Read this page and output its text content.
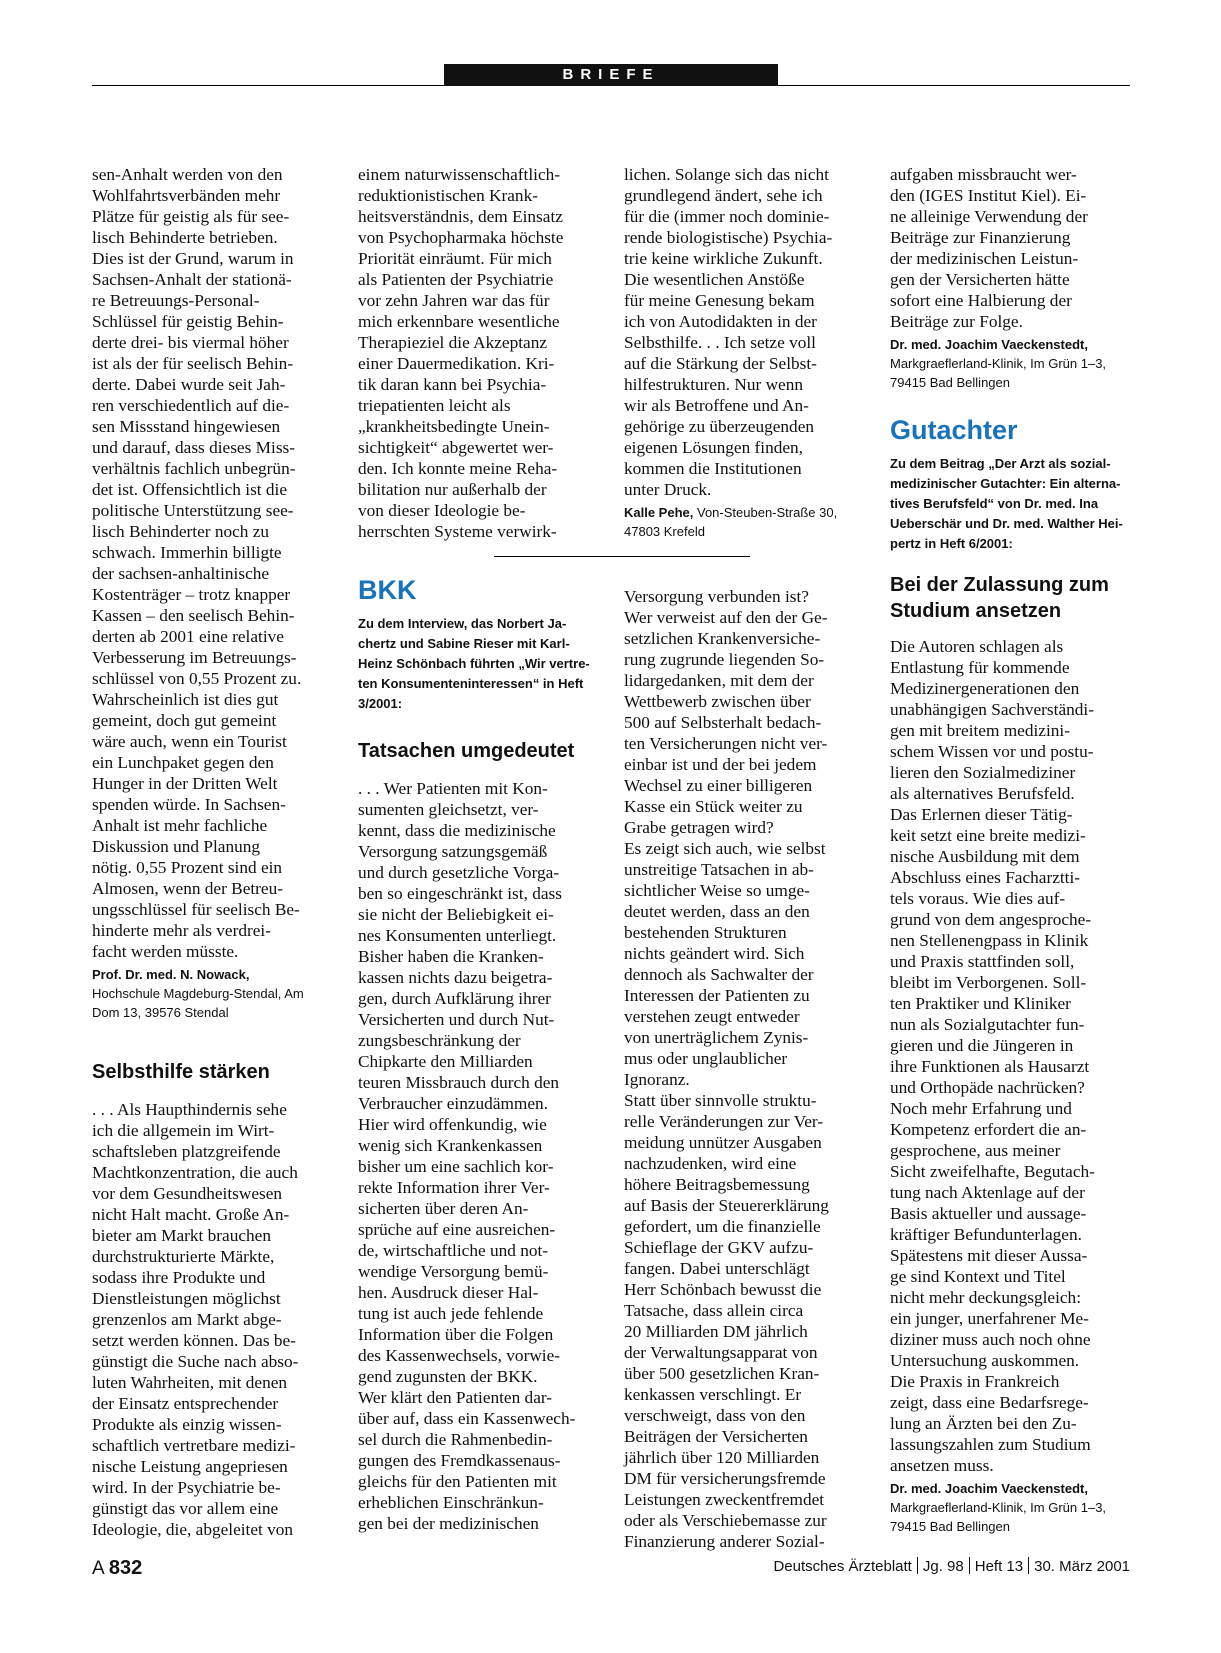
BRIEFE

sen-Anhalt werden von den
Wohlfahrtsverbänden mehr
Plätze für geistig als für see-
lisch Behinderte betrieben.
Dies ist der Grund, warum in
Sachsen-Anhalt der stationä-
re Betreuungs-Personal-
Schlüssel für geistig Behin-
derte drei- bis viermal höher
ist als der für seelisch Behin-
derte. Dabei wurde seit Jah-
ren verschiedentlich auf die-
sen Missstand hingewiesen
und darauf, dass dieses Miss-
verhältnis fachlich unbegrün-
det ist. Offensichtlich ist die
politische Unterstützung see-
lisch Behinderter noch zu
schwach. Immerhin billigte
der sachsen-anhaltinische
Kostenträger – trotz knapper
Kassen – den seelisch Behin-
derten ab 2001 eine relative
Verbesserung im Betreuungs-
schlüssel von 0,55 Prozent zu.
Wahrscheinlich ist dies gut
gemeint, doch gut gemeint
wäre auch, wenn ein Tourist
ein Lunchpaket gegen den
Hunger in der Dritten Welt
spenden würde. In Sachsen-
Anhalt ist mehr fachliche
Diskussion und Planung
nötig. 0,55 Prozent sind ein
Almosen, wenn der Betreu-
ungsschlüssel für seelisch Be-
hinderte mehr als verdrei-
facht werden müsste.

Prof. Dr. med. N. Nowack,

Hochschule Magdeburg-Stendal, Am
Dom 13, 39576 Stendal

Selbsthilfe stärken

. . . Als Haupthindernis sehe
ich die allgemein im Wirt-
schaftsleben platzgreifende
Machtkonzentration, die auch
vor dem Gesundheitswesen
nicht Halt macht. Große An-
bieter am Markt brauchen
durchstrukturierte Märkte,
sodass ihre Produkte und
Dienstleistungen möglichst
grenzenlos am Markt abge-
setzt werden können. Das be-
günstigt die Suche nach abso-
luten Wahrheiten, mit denen
der Einsatz entsprechender
Produkte als einzig wissen-
schaftlich vertretbare medizi-
nische Leistung angepriesen
wird. In der Psychiatrie be-
günstigt das vor allem eine
Ideologie, die, abgeleitet von

einem naturwissenschaftlich-
reduktionistischen Krank-
heitsverständnis, dem Einsatz
von Psychopharmaka höchste
Priorität einräumt. Für mich
als Patienten der Psychiatrie
vor zehn Jahren war das für
mich erkennbare wesentliche
Therapieziel die Akzeptanz
einer Dauermedikation. Kri-
tik daran kann bei Psychia-
triepatienten leicht als
„krankheitsbedingte Unein-
sichtigkeit“ abgewertet wer-
den. Ich konnte meine Reha-
bilitation nur außerhalb der
von dieser Ideologie be-
herrschten Systeme verwirk-

BKK

Zu dem Interview, das Norbert Ja-
chertz und Sabine Rieser mit Karl-
Heinz Schönbach führten „Wir vertre-
ten Konsumenteninteressen“ in Heft
3/2001:

Tatsachen umgedeutet

. . . Wer Patienten mit Kon-
sumenten gleichsetzt, ver-
kennt, dass die medizinische
Versorgung satzungsgemäß
und durch gesetzliche Vorga-
ben so eingeschränkt ist, dass
sie nicht der Beliebigkeit ei-
nes Konsumenten unterliegt.
Bisher haben die Kranken-
kassen nichts dazu beigetra-
gen, durch Aufklärung ihrer
Versicherten und durch Nut-
zungsbeschränkung der
Chipkarte den Milliarden
teuren Missbrauch durch den
Verbraucher einzudämmen.
Hier wird offenkundig, wie
wenig sich Krankenkassen
bisher um eine sachlich kor-
rekte Information ihrer Ver-
sicherten über deren An-
sprüche auf eine ausreichen-
de, wirtschaftliche und not-
wendige Versorgung bemü-
hen. Ausdruck dieser Hal-
tung ist auch jede fehlende
Information über die Folgen
des Kassenwechsels, vorwie-
gend zugunsten der BKK.
Wer klärt den Patienten dar-
über auf, dass ein Kassenwech-
sel durch die Rahmenbedin-
gungen des Fremdkassenaus-
gleichs für den Patienten mit
erheblichen Einschränkun-
gen bei der medizinischen

lichen. Solange sich das nicht
grundlegend ändert, sehe ich
für die (immer noch dominie-
rende biologistische) Psychia-
trie keine wirkliche Zukunft.
Die wesentlichen Anstöße
für meine Genesung bekam
ich von Autodidakten in der
Selbsthilfe. . . Ich setze voll
auf die Stärkung der Selbst-
hilfestrukturen. Nur wenn
wir als Betroffene und An-
gehörige zu überzeugenden
eigenen Lösungen finden,
kommen die Institutionen
unter Druck.

Kalle Pehe, Von-Steuben-Straße 30,
47803 Krefeld

Versorgung verbunden ist?
Wer verweist auf den der Ge-
setzlichen Krankenversiche-
rung zugrunde liegenden So-
lidargedanken, mit dem der
Wettbewerb zwischen über
500 auf Selbsterhalt bedach-
ten Versicherungen nicht ver-
einbar ist und der bei jedem
Wechsel zu einer billigeren
Kasse ein Stück weiter zu
Grabe getragen wird?
Es zeigt sich auch, wie selbst
unstreitige Tatsachen in ab-
sichtlicher Weise so umge-
deutet werden, dass an den
bestehenden Strukturen
nichts geändert wird. Sich
dennoch als Sachwalter der
Interessen der Patienten zu
verstehen zeugt entweder
von unerträglichem Zynis-
mus oder unglaublicher
Ignoranz.
Statt über sinnvolle struktu-
relle Veränderungen zur Ver-
meidung unnützer Ausgaben
nachzudenken, wird eine
höhere Beitragsbemessung
auf Basis der Steuererklärung
gefordert, um die finanzielle
Schieflage der GKV aufzu-
fangen. Dabei unterschlägt
Herr Schönbach bewusst die
Tatsache, dass allein circa
20 Milliarden DM jährlich
der Verwaltungsapparat von
über 500 gesetzlichen Kran-
kenkassen verschlingt. Er
verschweigt, dass von den
Beiträgen der Versicherten
jährlich über 120 Milliarden
DM für versicherungsfremde
Leistungen zweckentfremdet
oder als Verschiebemasse zur
Finanzierung anderer Sozial-

aufgaben missbraucht wer-
den (IGES Institut Kiel). Ei-
ne alleinige Verwendung der
Beiträge zur Finanzierung
der medizinischen Leistun-
gen der Versicherten hätte
sofort eine Halbierung der
Beiträge zur Folge.

Dr. med. Joachim Vaeckenstedt,

Markgraeflerland-Klinik, Im Grün 1–3,
79415 Bad Bellingen

Gutachter

Zu dem Beitrag „Der Arzt als sozial-
medizinischer Gutachter: Ein alterna-
tives Berufsfeld“ von Dr. med. Ina
Ueberschär und Dr. med. Walther Hei-
pertz in Heft 6/2001:

Bei der Zulassung zum

Studium ansetzen

Die Autoren schlagen als
Entlastung für kommende
Medizinergenerationen den
unabhängigen Sachverständi-
gen mit breitem medizini-
schem Wissen vor und postu-
lieren den Sozialmediziner
als alternatives Berufsfeld.
Das Erlernen dieser Tätig-
keit setzt eine breite medizi-
nische Ausbildung mit dem
Abschluss eines Facharztti-
tels voraus. Wie dies auf-
grund von dem angesproche-
nen Stellenengpass in Klinik
und Praxis stattfinden soll,
bleibt im Verborgenen. Soll-
ten Praktiker und Kliniker
nun als Sozialgutachter fun-
gieren und die Jüngeren in
ihre Funktionen als Hausarzt
und Orthopäde nachrücken?
Noch mehr Erfahrung und
Kompetenz erfordert die an-
gesprochene, aus meiner
Sicht zweifelhafte, Begutach-
tung nach Aktenlage auf der
Basis aktueller und aussage-
kräftiger Befundunterlagen.
Spätestens mit dieser Aussa-
ge sind Kontext und Titel
nicht mehr deckungsgleich:
ein junger, unerfahrener Me-
diziner muss auch noch ohne
Untersuchung auskommen.
Die Praxis in Frankreich
zeigt, dass eine Bedarfsrege-
lung an Ärzten bei den Zu-
lassungszahlen zum Studium
ansetzen muss.

Dr. med. Joachim Vaeckenstedt,

Markgraeflerland-Klinik, Im Grün 1–3,
79415 Bad Bellingen

A 832	Deutsches Ärzteblatt Jg. 98 Heft 13 30. März 2001
